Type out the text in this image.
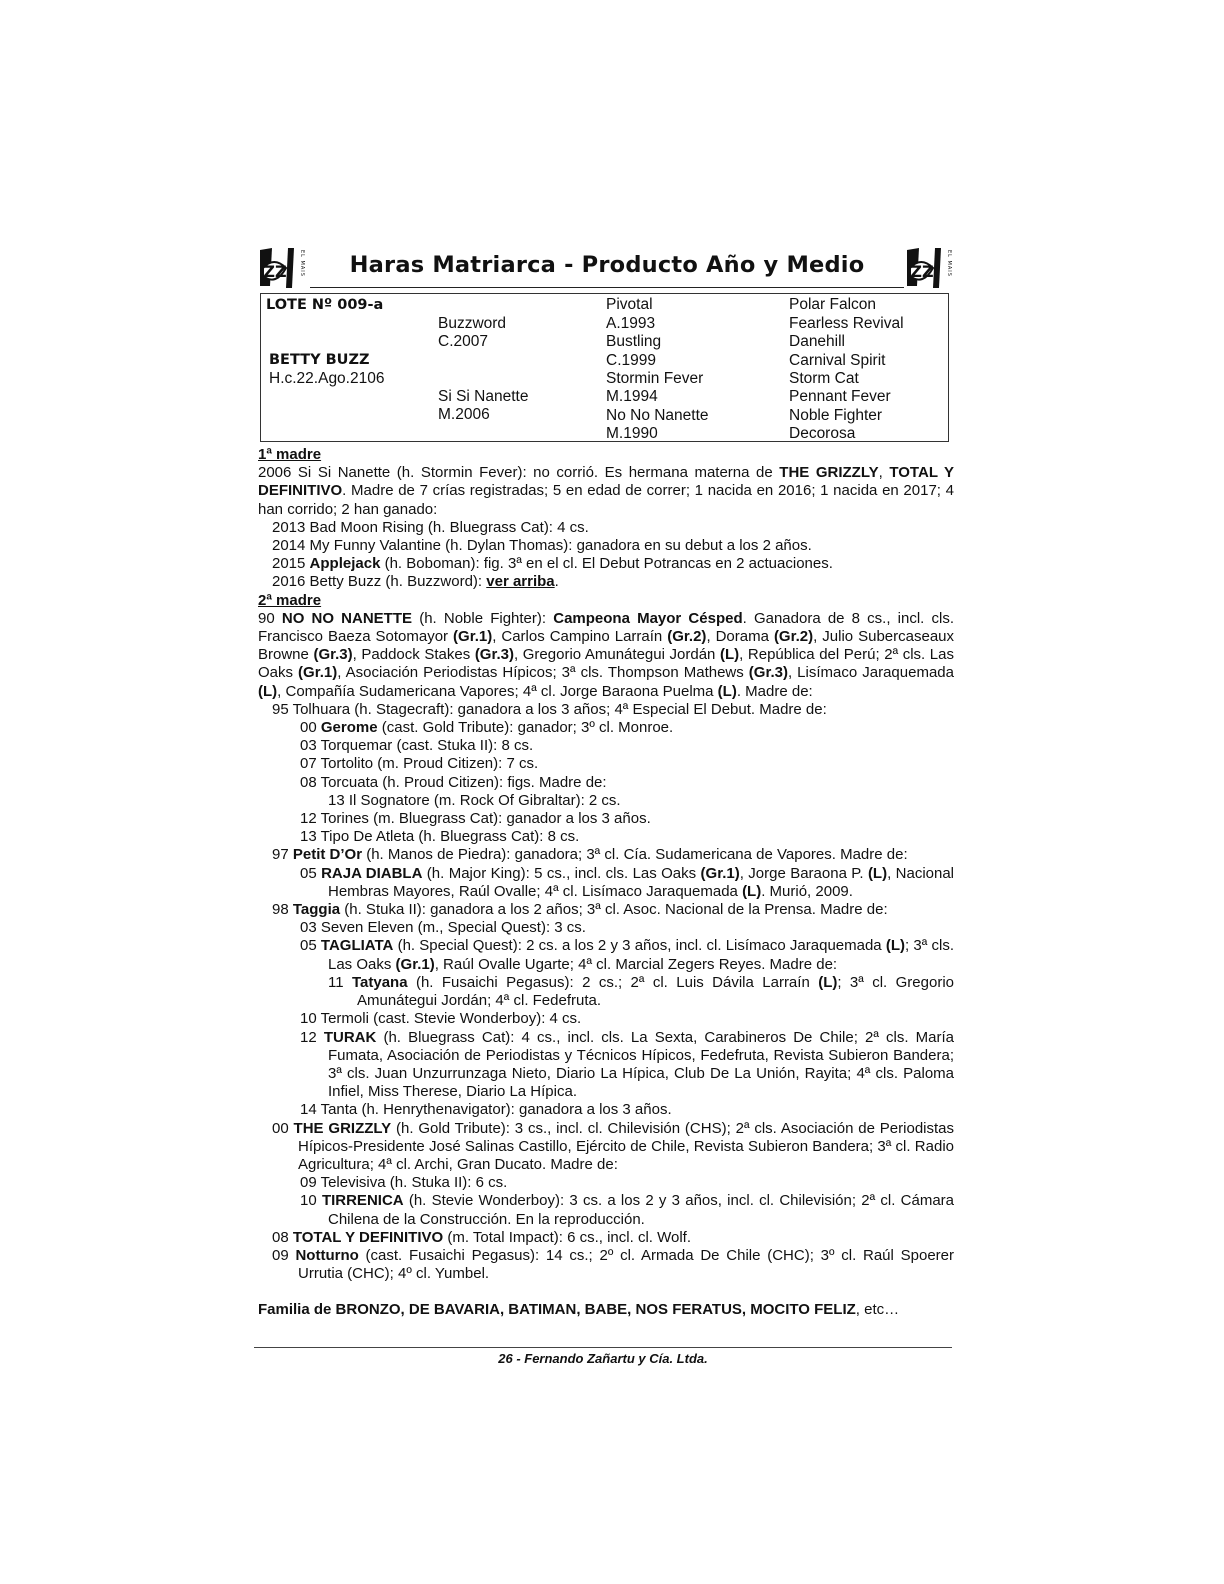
ZZ EL MAIS	Haras Matriarca - Producto Año y Medio	ZZ EL MAIS
LOTE Nº 009-a
BETTY BUZZ
H.c.22.Ago.2106
Buzzword
C.2007
Si Si Nanette
M.2006
Pivotal
A.1993
Bustling
C.1999
Stormin Fever
M.1994
No No Nanette
M.1990
Polar Falcon
Fearless Revival
Danehill
Carnival Spirit
Storm Cat
Pennant Fever
Noble Fighter
Decorosa

1ª madre

2006 Si Si Nanette (h. Stormin Fever): no corrió. Es hermana materna de THE GRIZZLY, TOTAL Y DEFINITIVO. Madre de 7 crías registradas; 5 en edad de correr; 1 nacida en 2016; 1 nacida en 2017; 4 han corrido; 2 han ganado:

2013 Bad Moon Rising (h. Bluegrass Cat): 4 cs.

2014 My Funny Valantine (h. Dylan Thomas): ganadora en su debut a los 2 años.

2015 Applejack (h. Boboman): fig. 3ª en el cl. El Debut Potrancas en 2 actuaciones.

2016 Betty Buzz (h. Buzzword): ver arriba.

2ª madre

90 NO NO NANETTE (h. Noble Fighter): Campeona Mayor Césped. Ganadora de 8 cs., incl. cls. Francisco Baeza Sotomayor (Gr.1), Carlos Campino Larraín (Gr.2), Dorama (Gr.2), Julio Subercaseaux Browne (Gr.3), Paddock Stakes (Gr.3), Gregorio Amunátegui Jordán (L), República del Perú; 2ª cls. Las Oaks (Gr.1), Asociación Periodistas Hípicos; 3ª cls. Thompson Mathews (Gr.3), Lisímaco Jaraquemada (L), Compañía Sudamericana Vapores; 4ª cl. Jorge Baraona Puelma (L). Madre de:

95 Tolhuara (h. Stagecraft): ganadora a los 3 años; 4ª Especial El Debut. Madre de:

00 Gerome (cast. Gold Tribute): ganador; 3º cl. Monroe.

03 Torquemar (cast. Stuka II): 8 cs.

07 Tortolito (m. Proud Citizen): 7 cs.

08 Torcuata (h. Proud Citizen): figs. Madre de:

13 Il Sognatore (m. Rock Of Gibraltar): 2 cs.

12 Torines (m. Bluegrass Cat): ganador a los 3 años.

13 Tipo De Atleta (h. Bluegrass Cat): 8 cs.

97 Petit D’Or (h. Manos de Piedra): ganadora; 3ª cl. Cía. Sudamericana de Vapores. Madre de:

05 RAJA DIABLA (h. Major King): 5 cs., incl. cls. Las Oaks (Gr.1), Jorge Baraona P. (L), Nacional Hembras Mayores, Raúl Ovalle; 4ª cl. Lisímaco Jaraquemada (L). Murió, 2009.

98 Taggia (h. Stuka II): ganadora a los 2 años; 3ª cl. Asoc. Nacional de la Prensa. Madre de:

03 Seven Eleven (m., Special Quest): 3 cs.

05 TAGLIATA (h. Special Quest): 2 cs. a los 2 y 3 años, incl. cl. Lisímaco Jaraquemada (L); 3ª cls. Las Oaks (Gr.1), Raúl Ovalle Ugarte; 4ª cl. Marcial Zegers Reyes. Madre de:

11 Tatyana (h. Fusaichi Pegasus): 2 cs.; 2ª cl. Luis Dávila Larraín (L); 3ª cl. Gregorio Amunátegui Jordán; 4ª cl. Fedefruta.

10 Termoli (cast. Stevie Wonderboy): 4 cs.

12 TURAK (h. Bluegrass Cat): 4 cs., incl. cls. La Sexta, Carabineros De Chile; 2ª cls. María Fumata, Asociación de Periodistas y Técnicos Hípicos, Fedefruta, Revista Subieron Bandera; 3ª cls. Juan Unzurrunzaga Nieto, Diario La Hípica, Club De La Unión, Rayita; 4ª cls. Paloma Infiel, Miss Therese, Diario La Hípica.

14 Tanta (h. Henrythenavigator): ganadora a los 3 años.

00 THE GRIZZLY (h. Gold Tribute): 3 cs., incl. cl. Chilevisión (CHS); 2ª cls. Asociación de Periodistas Hípicos-Presidente José Salinas Castillo, Ejército de Chile, Revista Subieron Bandera; 3ª cl. Radio Agricultura; 4ª cl. Archi, Gran Ducato. Madre de:

09 Televisiva (h. Stuka II): 6 cs.

10 TIRRENICA (h. Stevie Wonderboy): 3 cs. a los 2 y 3 años, incl. cl. Chilevisión; 2ª cl. Cámara Chilena de la Construcción. En la reproducción.

08 TOTAL Y DEFINITIVO (m. Total Impact): 6 cs., incl. cl. Wolf.

09 Notturno (cast. Fusaichi Pegasus): 14 cs.; 2º cl. Armada De Chile (CHC); 3º cl. Raúl Spoerer Urrutia (CHC); 4º cl. Yumbel.

Familia de BRONZO, DE BAVARIA, BATIMAN, BABE, NOS FERATUS, MOCITO FELIZ, etc…

26 - Fernando Zañartu y Cía. Ltda.
